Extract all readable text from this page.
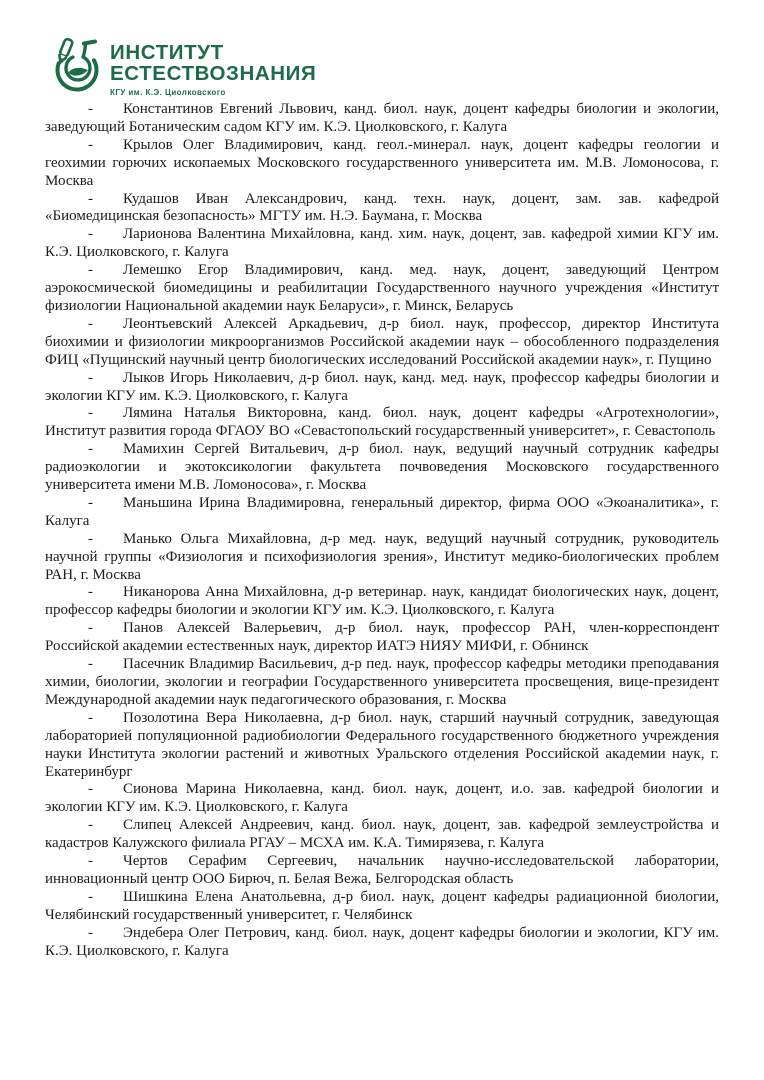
ИНСТИТУТ
ЕСТЕСТВОЗНАНИЯ
КГУ им. К.Э. Циолковского

- Константинов Евгений Львович, канд. биол. наук, доцент кафедры биологии и экологии, заведующий Ботаническим садом КГУ им. К.Э. Циолковского, г. Калуга

- Крылов Олег Владимирович, канд. геол.-минерал. наук, доцент кафедры геологии и геохимии горючих ископаемых Московского государственного университета им. М.В. Ломоносова, г. Москва

- Кудашов Иван Александрович, канд. техн. наук, доцент, зам. зав. кафедрой «Биомедицинская безопасность» МГТУ им. Н.Э. Баумана, г. Москва

- Ларионова Валентина Михайловна, канд. хим. наук, доцент, зав. кафедрой химии КГУ им. К.Э. Циолковского, г. Калуга

- Лемешко Егор Владимирович, канд. мед. наук, доцент, заведующий Центром аэрокосмической биомедицины и реабилитации Государственного научного учреждения «Институт физиологии Национальной академии наук Беларуси», г. Минск, Беларусь

- Леонтьевский Алексей Аркадьевич, д-р биол. наук, профессор, директор Института биохимии и физиологии микроорганизмов Российской академии наук – обособленного подразделения ФИЦ «Пущинский научный центр биологических исследований Российской академии наук», г. Пущино

- Лыков Игорь Николаевич, д-р биол. наук, канд. мед. наук, профессор кафедры биологии и экологии КГУ им. К.Э. Циолковского, г. Калуга

- Лямина Наталья Викторовна, канд. биол. наук, доцент кафедры «Агротехнологии», Институт развития города ФГАОУ ВО «Севастопольский государственный университет», г. Севастополь

- Мамихин Сергей Витальевич, д-р биол. наук, ведущий научный сотрудник кафедры радиоэкологии и экотоксикологии факультета почвоведения Московского государственного университета имени М.В. Ломоносова», г. Москва

- Маньшина Ирина Владимировна, генеральный директор, фирма ООО «Экоаналитика», г. Калуга

- Манько Ольга Михайловна, д-р мед. наук, ведущий научный сотрудник, руководитель научной группы «Физиология и психофизиология зрения», Институт медико-биологических проблем РАН, г. Москва

- Никанорова Анна Михайловна, д-р ветеринар. наук, кандидат биологических наук, доцент, профессор кафедры биологии и экологии КГУ им. К.Э. Циолковского, г. Калуга

- Панов Алексей Валерьевич, д-р биол. наук, профессор РАН, член-корреспондент Российской академии естественных наук, директор ИАТЭ НИЯУ МИФИ, г. Обнинск

- Пасечник Владимир Васильевич, д-р пед. наук, профессор кафедры методики преподавания химии, биологии, экологии и географии Государственного университета просвещения, вице-президент Международной академии наук педагогического образования, г. Москва

- Позолотина Вера Николаевна, д-р биол. наук, старший научный сотрудник, заведующая лабораторией популяционной радиобиологии Федерального государственного бюджетного учреждения науки Института экологии растений и животных Уральского отделения Российской академии наук, г. Екатеринбург

- Сионова Марина Николаевна, канд. биол. наук, доцент, и.о. зав. кафедрой биологии и экологии КГУ им. К.Э. Циолковского, г. Калуга

- Слипец Алексей Андреевич, канд. биол. наук, доцент, зав. кафедрой землеустройства и кадастров Калужского филиала РГАУ – МСХА им. К.А. Тимирязева, г. Калуга

- Чертов Серафим Сергеевич, начальник научно-исследовательской лаборатории, инновационный центр ООО Бирюч, п. Белая Вежа, Белгородская область

- Шишкина Елена Анатольевна, д-р биол. наук, доцент кафедры радиационной биологии, Челябинский государственный университет, г. Челябинск

- Эндебера Олег Петрович, канд. биол. наук, доцент кафедры биологии и экологии, КГУ им. К.Э. Циолковского, г. Калуга
